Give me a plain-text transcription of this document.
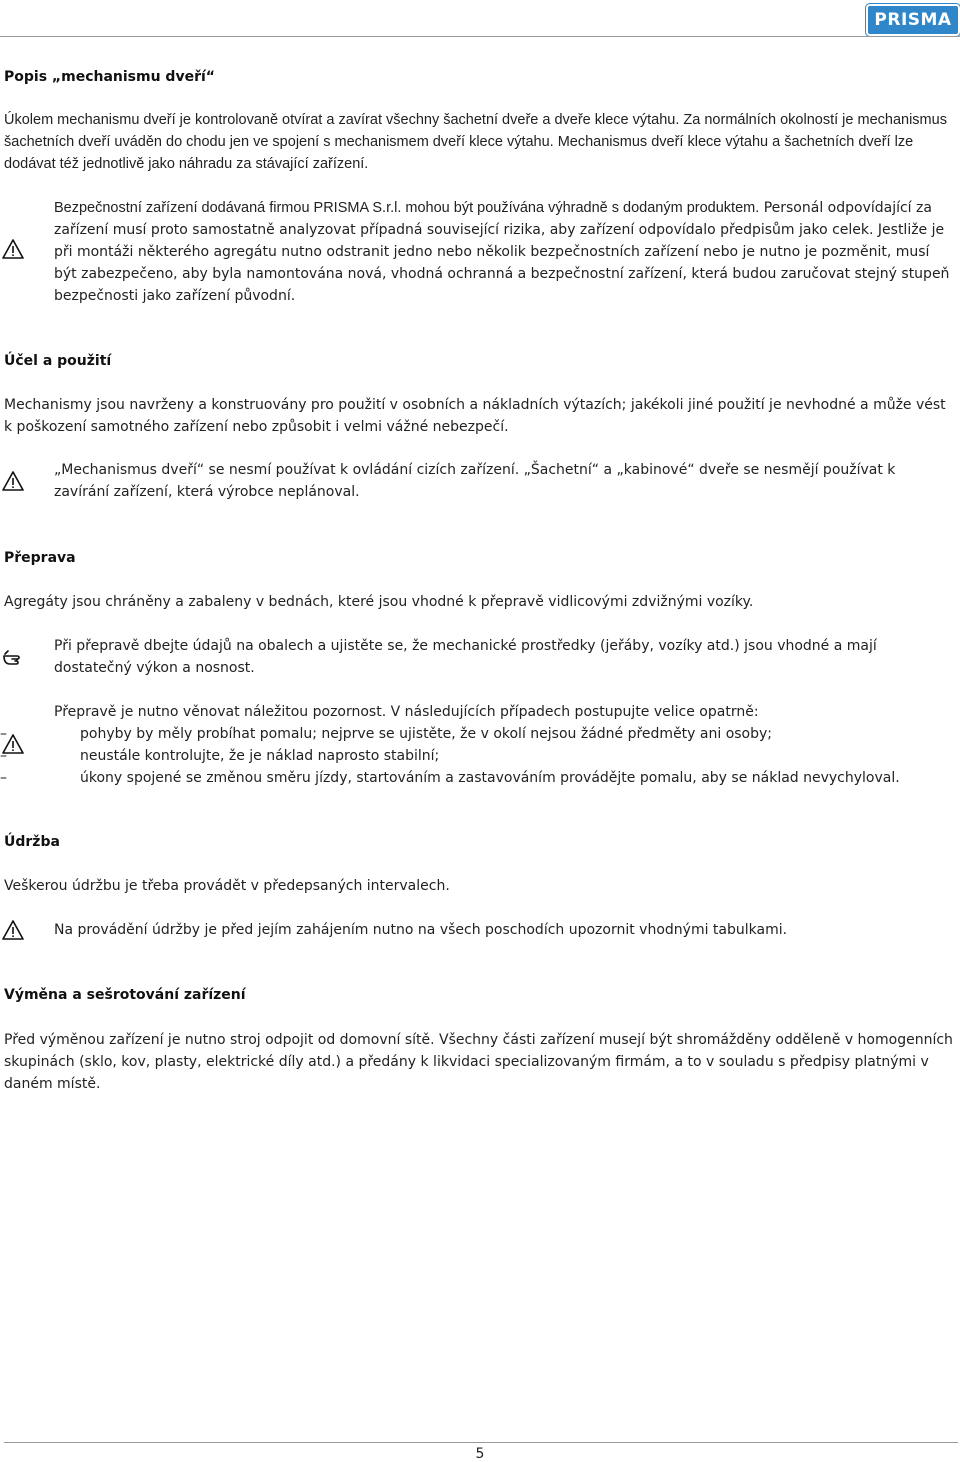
PRISMA
Popis „mechanismu dveří“
Úkolem mechanismu dveří je kontrolovaně otvírat a zavírat všechny šachetní dveře a dveře klece výtahu. Za normálních okolností je mechanismus šachetních dveří uváděn do chodu jen ve spojení s mechanismem dveří klece výtahu. Mechanismus dveří klece výtahu a šachetních dveří lze dodávat též jednotlivě jako náhradu za stávající zařízení.
Bezpečnostní zařízení dodávaná firmou PRISMA S.r.l. mohou být používána výhradně s dodaným produktem. Personál odpovídající za zařízení musí proto samostatně analyzovat případná související rizika, aby zařízení odpovídalo předpisům jako celek. Jestliže je při montáži některého agregátu nutno odstranit jedno nebo několik bezpečnostních zařízení nebo je nutno je pozměnit, musí být zabezpečeno, aby byla namontována nová, vhodná ochranná a bezpečnostní zařízení, která budou zaručovat stejný stupeň bezpečnosti jako zařízení původní.
Účel a použití
Mechanismy jsou navrženy a konstruovány pro použití v osobních a nákladních výtazích; jakékoli jiné použití je nevhodné a může vést k poškození samotného zařízení nebo způsobit i velmi vážné nebezpečí.
„Mechanismus dveří“ se nesmí používat k ovládání cizích zařízení. „Šachetní“ a „kabinové“ dveře se nesmějí používat k zavírání zařízení, která výrobce neplánoval.
Přeprava
Agregáty jsou chráněny a zabaleny v bednách, které jsou vhodné k přepravě vidlicovými zdvižnými vozíky.
Při přepravě dbejte údajů na obalech a ujistěte se, že mechanické prostředky (jeřáby, vozíky atd.) jsou vhodné a mají dostatečný výkon a nosnost.
Přepravě je nutno věnovat náležitou pozornost. V následujících případech postupujte velice opatrně:
–	pohyby by měly probíhat pomalu; nejprve se ujistěte, že v okolí nejsou žádné předměty ani osoby;
–	neustále kontrolujte, že je náklad naprosto stabilní;
–	úkony spojené se změnou směru jízdy, startováním a zastavováním provádějte pomalu, aby se náklad nevychyloval.
Údržba
Veškerou údržbu je třeba provádět v předepsaných intervalech.
Na provádění údržby je před jejím zahájením nutno na všech poschodích upozornit vhodnými tabulkami.
Výměna a sešrotování zařízení
Před výměnou zařízení je nutno stroj odpojit od domovní sítě. Všechny části zařízení musejí být shromážděny odděleně v homogenních skupinách (sklo, kov, plasty, elektrické díly atd.) a předány k likvidaci specializovaným firmám, a to v souladu s předpisy platnými v daném místě.
5
